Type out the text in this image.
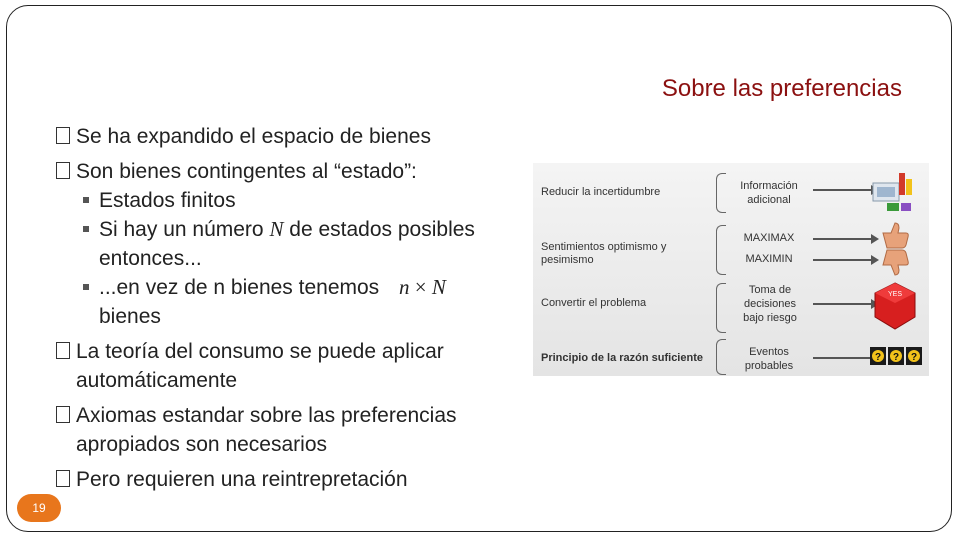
Sobre las preferencias
Se ha expandido el espacio de bienes
Son bienes contingentes al “estado”:
Estados finitos
Si hay un número N de estados posibles entonces...
...en vez de n bienes tenemos n × N
bienes
La teoría del consumo se puede aplicar automáticamente
Axiomas estandar sobre las preferencias apropiados son necesarios
Pero requieren una reintrepretación
Reducir la incertidumbre	Información adicional
Sentimientos optimismo y pesimismo
MAXIMAX
MAXIMIN
Convertir el problema
Toma de decisiones bajo riesgo
YES
Principio de la razón suficiente	Eventos probables
? ? ?
19
